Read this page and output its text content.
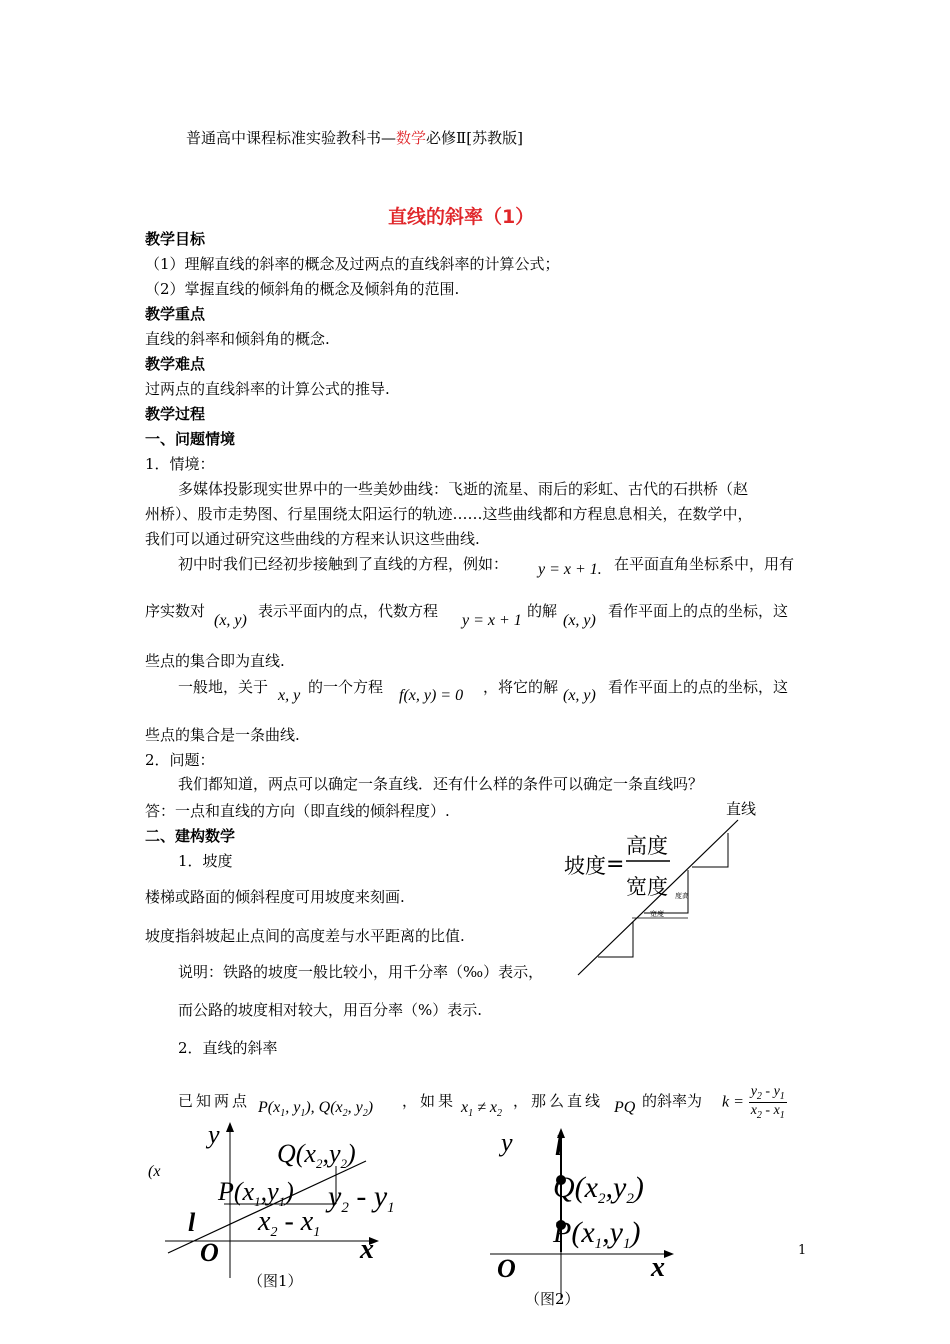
普通高中课程标准实验教科书—数学必修Ⅱ[苏教版]
直线的斜率（1）
教学目标
（1）理解直线的斜率的概念及过两点的直线斜率的计算公式；
（2）掌握直线的倾斜角的概念及倾斜角的范围.
教学重点
直线的斜率和倾斜角的概念.
教学难点
过两点的直线斜率的计算公式的推导.
教学过程
一、问题情境
1．情境：
多媒体投影现实世界中的一些美妙曲线：飞逝的流星、雨后的彩虹、古代的石拱桥（赵
州桥）、股市走势图、行星围绕太阳运行的轨迹……这些曲线都和方程息息相关，在数学中，
我们可以通过研究这些曲线的方程来认识这些曲线.
初中时我们已经初步接触到了直线的方程，例如： y = x + 1. 在平面直角坐标系中，用有
序实数对
(x, y)
表示平面内的点，代数方程
y = x + 1
的解
(x, y)
看作平面上的点的坐标，这
些点的集合即为直线.
一般地，关于 x, y 的一个方程 f(x, y) = 0 ，将它的解 (x, y) 看作平面上的点的坐标，这
些点的集合是一条曲线.
2．问题：
我们都知道，两点可以确定一条直线．还有什么样的条件可以确定一条直线吗？
答：一点和直线的方向（即直线的倾斜程度）.
二、建构数学
1．坡度
楼梯或路面的倾斜程度可用坡度来刻画.
坡度指斜坡起止点间的高度差与水平距离的比值.
说明：铁路的坡度一般比较小，用千分率（‰）表示，
而公路的坡度相对较大，用百分率（%）表示.
2．直线的斜率
已知两点 $P(x_1$, $y_1$), $Q(x_2$, $y_2$) ，如果 $x_1 \ne x_2$
，那么直线 PQ 的斜率为 $k = \frac{y_2 - y_1}{x_2 - x_1}$
直线
坡度 =
高度
宽度 度高
宽度
(x
y
x
O
l
$Q(x_2,y_2)$
$P(x_1,y_1)$ $y_2 - y_1$
$x_2 - x_1$
（图1）
y l
x
O
$Q(x_2,y_2)$
$P(x_1,y_1)$
（图2）
1
